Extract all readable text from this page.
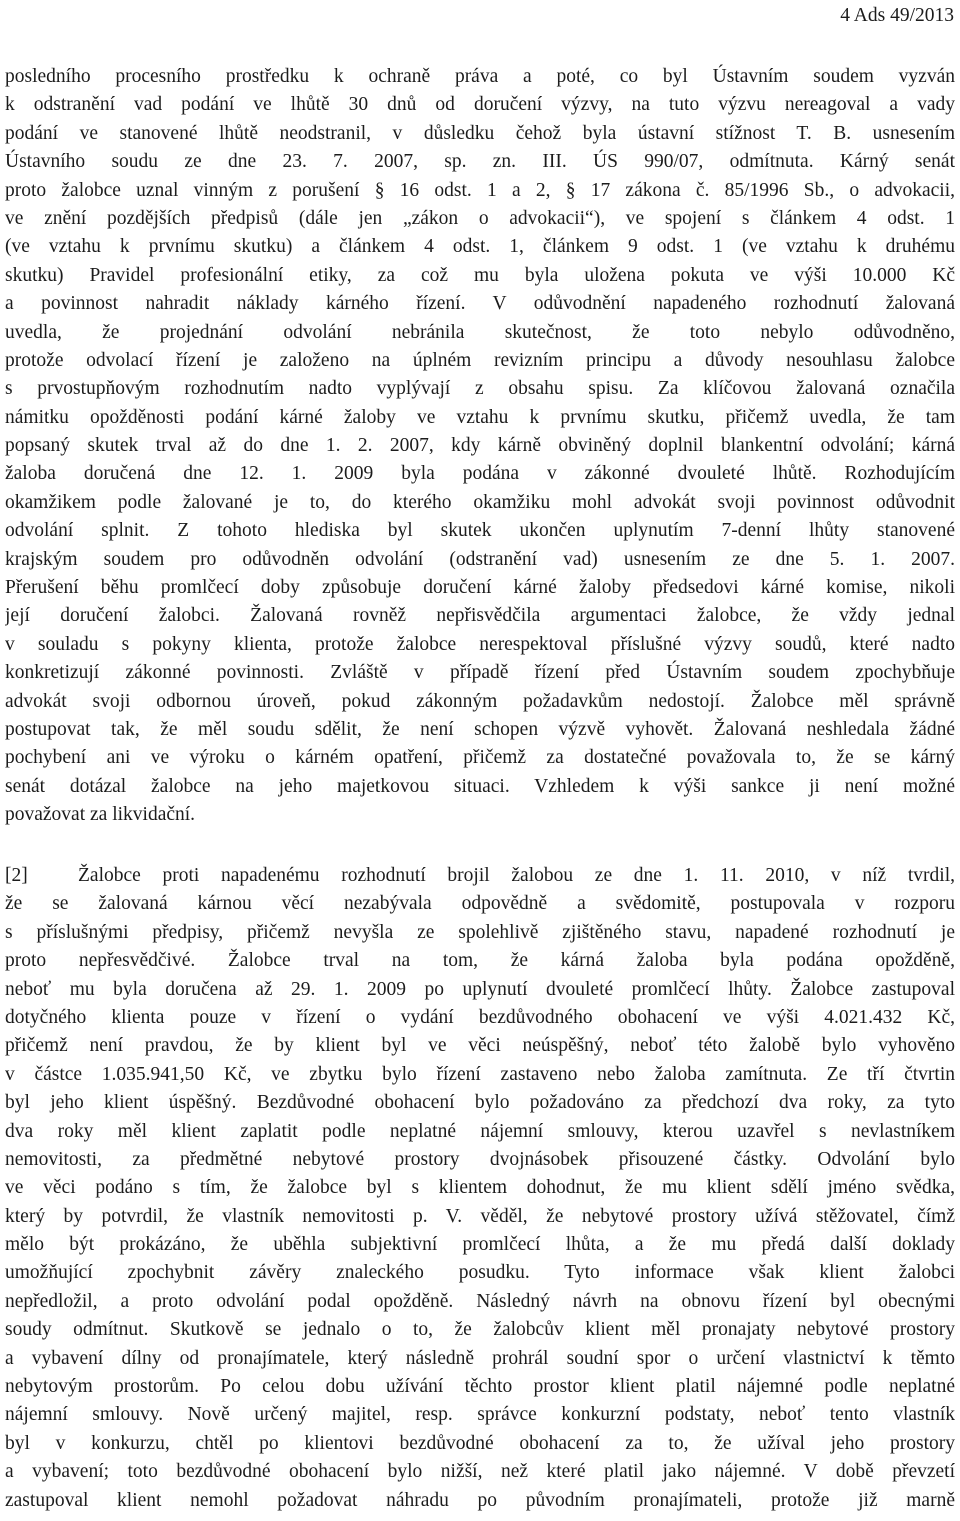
4 Ads 49/2013
posledního procesního prostředku k ochraně práva a poté, co byl Ústavním soudem vyzván
k odstranění vad podání ve lhůtě 30 dnů od doručení výzvy, na tuto výzvu nereagoval a vady
podání ve stanovené lhůtě neodstranil, v důsledku čehož byla ústavní stížnost T. B. usnesením
Ústavního soudu ze dne 23. 7. 2007, sp. zn. III. ÚS 990/07, odmítnuta. Kárný senát
proto žalobce uznal vinným z porušení § 16 odst. 1 a 2, § 17 zákona č. 85/1996 Sb., o advokacii,
ve znění pozdějších předpisů (dále jen „zákon o advokacii“), ve spojení s článkem 4 odst. 1
(ve vztahu k prvnímu skutku) a článkem 4 odst. 1, článkem 9 odst. 1 (ve vztahu k druhému
skutku) Pravidel profesionální etiky, za což mu byla uložena pokuta ve výši 10.000 Kč
a povinnost nahradit náklady kárného řízení. V odůvodnění napadeného rozhodnutí žalovaná
uvedla, že projednání odvolání nebránila skutečnost, že toto nebylo odůvodněno,
protože odvolací řízení je založeno na úplném revizním principu a důvody nesouhlasu žalobce
s prvostupňovým rozhodnutím nadto vyplývají z obsahu spisu. Za klíčovou žalovaná označila
námitku opožděnosti podání kárné žaloby ve vztahu k prvnímu skutku, přičemž uvedla, že tam
popsaný skutek trval až do dne 1. 2. 2007, kdy kárně obviněný doplnil blankentní odvolání; kárná
žaloba doručená dne 12. 1. 2009 byla podána v zákonné dvouleté lhůtě. Rozhodujícím
okamžikem podle žalované je to, do kterého okamžiku mohl advokát svoji povinnost odůvodnit
odvolání splnit. Z tohoto hlediska byl skutek ukončen uplynutím 7-denní lhůty stanovené
krajským soudem pro odůvodněn odvolání (odstranění vad) usnesením ze dne 5. 1. 2007.
Přerušení běhu promlčecí doby způsobuje doručení kárné žaloby předsedovi kárné komise, nikoli
její doručení žalobci. Žalovaná rovněž nepřisvědčila argumentaci žalobce, že vždy jednal
v souladu s pokyny klienta, protože žalobce nerespektoval příslušné výzvy soudů, které nadto
konkretizují zákonné povinnosti. Zvláště v případě řízení před Ústavním soudem zpochybňuje
advokát svoji odbornou úroveň, pokud zákonným požadavkům nedostojí. Žalobce měl správně
postupovat tak, že měl soudu sdělit, že není schopen výzvě vyhovět. Žalovaná neshledala žádné
pochybení ani ve výroku o kárném opatření, přičemž za dostatečné považovala to, že se kárný
senát dotázal žalobce na jeho majetkovou situaci. Vzhledem k výši sankce ji není možné
považovat za likvidační.
[2]	Žalobce proti napadenému rozhodnutí brojil žalobou ze dne 1. 11. 2010, v níž tvrdil,
že se žalovaná kárnou věcí nezabývala odpovědně a svědomitě, postupovala v rozporu
s příslušnými předpisy, přičemž nevyšla ze spolehlivě zjištěného stavu, napadené rozhodnutí je
proto nepřesvědčivé. Žalobce trval na tom, že kárná žaloba byla podána opožděně,
neboť mu byla doručena až 29. 1. 2009 po uplynutí dvouleté promlčecí lhůty. Žalobce zastupoval
dotyčného klienta pouze v řízení o vydání bezdůvodného obohacení ve výši 4.021.432 Kč,
přičemž není pravdou, že by klient byl ve věci neúspěšný, neboť této žalobě bylo vyhověno
v částce 1.035.941,50 Kč, ve zbytku bylo řízení zastaveno nebo žaloba zamítnuta. Ze tří čtvrtin
byl jeho klient úspěšný. Bezdůvodné obohacení bylo požadováno za předchozí dva roky, za tyto
dva roky měl klient zaplatit podle neplatné nájemní smlouvy, kterou uzavřel s nevlastníkem
nemovitosti, za předmětné nebytové prostory dvojnásobek přisouzené částky. Odvolání bylo
ve věci podáno s tím, že žalobce byl s klientem dohodnut, že mu klient sdělí jméno svědka,
který by potvrdil, že vlastník nemovitosti p. V. věděl, že nebytové prostory užívá stěžovatel, čímž
mělo být prokázáno, že uběhla subjektivní promlčecí lhůta, a že mu předá další doklady
umožňující zpochybnit závěry znaleckého posudku. Tyto informace však klient žalobci
nepředložil, a proto odvolání podal opožděně. Následný návrh na obnovu řízení byl obecnými
soudy odmítnut. Skutkově se jednalo o to, že žalobcův klient měl pronajaty nebytové prostory
a vybavení dílny od pronajímatele, který následně prohrál soudní spor o určení vlastnictví k těmto
nebytovým prostorům. Po celou dobu užívání těchto prostor klient platil nájemné podle neplatné
nájemní smlouvy. Nově určený majitel, resp. správce konkurzní podstaty, neboť tento vlastník
byl v konkurzu, chtěl po klientovi bezdůvodné obohacení za to, že užíval jeho prostory
a vybavení; toto bezdůvodné obohacení bylo nižší, než které platil jako nájemné. V době převzetí
zastupoval klient nemohl požadovat náhradu po původním pronajímateli, protože již marně
